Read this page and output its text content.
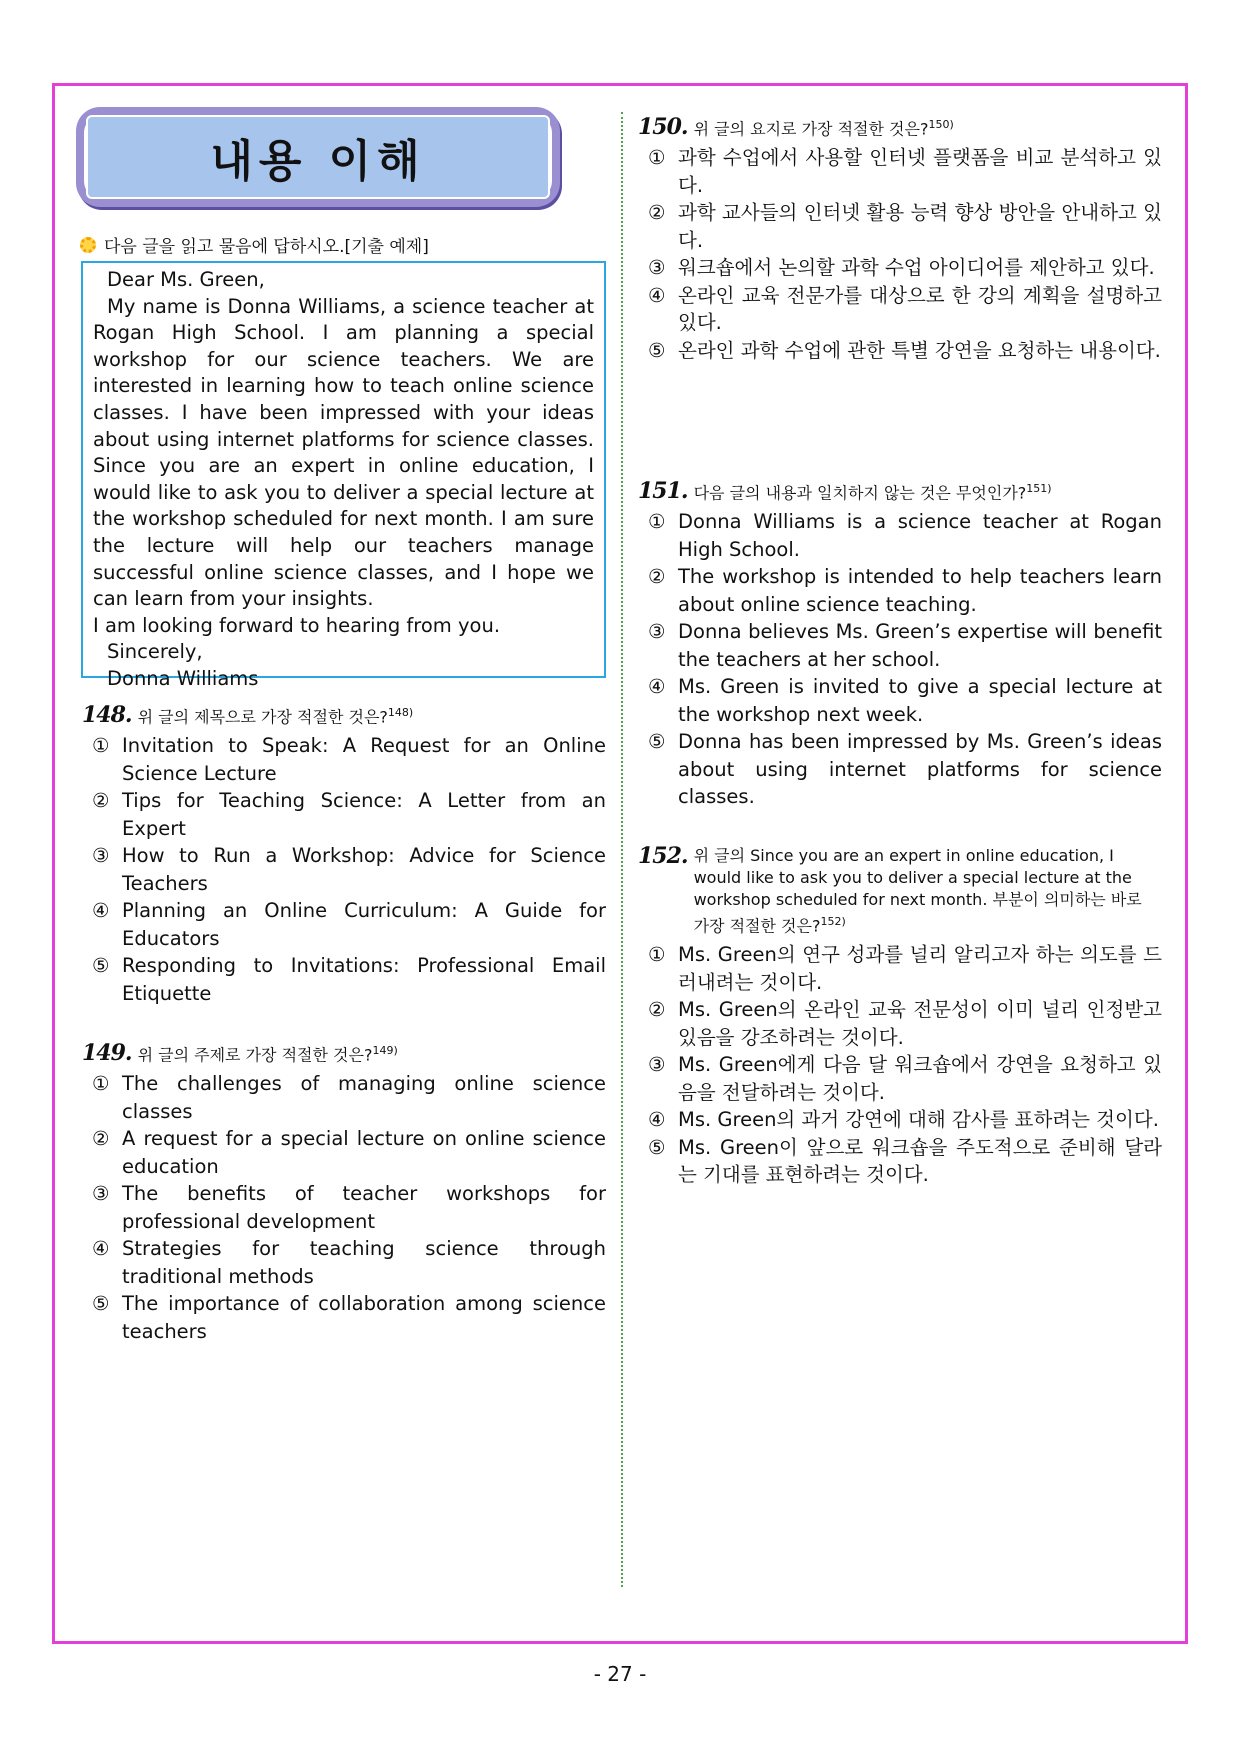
내용 이해
다음 글을 읽고 물음에 답하시오.[기출 예제]

Dear Ms. Green,

My name is Donna Williams, a science teacher at Rogan High School. I am planning a special workshop for our science teachers. We are interested in learning how to teach online science classes. I have been impressed with your ideas about using internet platforms for science classes. Since you are an expert in online education, I would like to ask you to deliver a special lecture at the workshop scheduled for next month. I am sure the lecture will help our teachers manage successful online science classes, and I hope we can learn from your insights.

I am looking forward to hearing from you.

Sincerely,

Donna Williams

148. 위 글의 제목으로 가장 적절한 것은?$^{148)}$
① Invitation to Speak: A Request for an Online Science Lecture
② Tips for Teaching Science: A Letter from an Expert
③ How to Run a Workshop: Advice for Science Teachers
④ Planning an Online Curriculum: A Guide for Educators
⑤ Responding to Invitations: Professional Email Etiquette
149. 위 글의 주제로 가장 적절한 것은?$^{149)}$
① The challenges of managing online science classes
② A request for a special lecture on online science education
③ The benefits of teacher workshops for professional development
④ Strategies for teaching science through traditional methods
⑤ The importance of collaboration among science teachers
150. 위 글의 요지로 가장 적절한 것은?$^{150)}$
① 과학 수업에서 사용할 인터넷 플랫폼을 비교 분석하고 있다.
② 과학 교사들의 인터넷 활용 능력 향상 방안을 안내하고 있다.
③ 워크숍에서 논의할 과학 수업 아이디어를 제안하고 있다.
④ 온라인 교육 전문가를 대상으로 한 강의 계획을 설명하고 있다.
⑤ 온라인 과학 수업에 관한 특별 강연을 요청하는 내용이다.
151. 다음 글의 내용과 일치하지 않는 것은 무엇인가?$^{151)}$
① Donna Williams is a science teacher at Rogan High School.
② The workshop is intended to help teachers learn about online science teaching.
③ Donna believes Ms. Green’s expertise will benefit the teachers at her school.
④ Ms. Green is invited to give a special lecture at the workshop next week.
⑤ Donna has been impressed by Ms. Green’s ideas about using internet platforms for science classes.
152. 위 글의 Since you are an expert in online education, I would like to ask you to deliver a special lecture at the workshop scheduled for next month. 부분이 의미하는 바로 가장 적절한 것은?$^{152)}$
① Ms. Green의 연구 성과를 널리 알리고자 하는 의도를 드러내려는 것이다.
② Ms. Green의 온라인 교육 전문성이 이미 널리 인정받고 있음을 강조하려는 것이다.
③ Ms. Green에게 다음 달 워크숍에서 강연을 요청하고 있음을 전달하려는 것이다.
④ Ms. Green의 과거 강연에 대해 감사를 표하려는 것이다.
⑤ Ms. Green이 앞으로 워크숍을 주도적으로 준비해 달라는 기대를 표현하려는 것이다.
- 27 -
